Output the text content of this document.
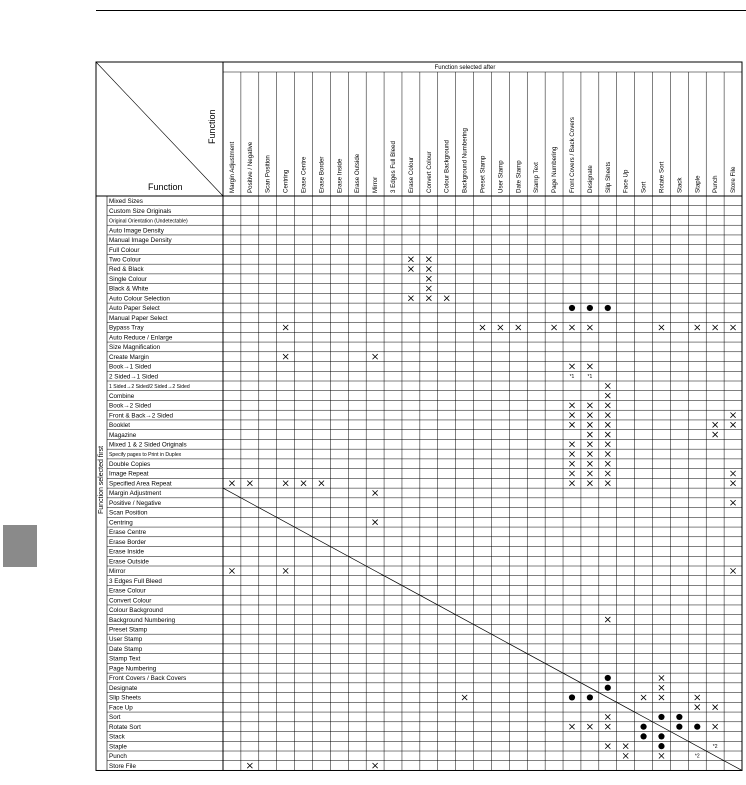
Function selected after
Function
Function
Function selected first
Margin Adjustment Positive / Negative Scan Position Centring Erase Centre Erase Border Erase Inside Erase Outside Mirror 3 Edges Full Bleed Erase Colour Convert Colour Colour Background Background Numbering Preset Stamp User Stamp Date Stamp Stamp Text Page Numbering Front Covers / Back Covers Designate Slip Sheets Face Up Sort Rotate Sort Stack Staple Punch Store File
Mixed Sizes
Custom Size Originals
Original Orientation (Undetectable)
Auto Image Density
Manual Image Density
Full Colour
Two Colour
Red & Black
Single Colour
Black & White
Auto Colour Selection
Auto Paper Select
Manual Paper Select
Bypass Tray
Auto Reduce / Enlarge
Size Magnification
Create Margin
Book→1 Sided
2 Sided→1 Sided
1 Sided→2 Sided/2 Sided→2 Sided
Combine
Book→2 Sided
Front & Back→2 Sided
Booklet
Magazine
Mixed 1 & 2 Sided Originals
Specify pages to Print in Duplex
Double Copies
Image Repeat
Specified Area Repeat
Margin Adjustment
Positive / Negative
Scan Position
Centring
Erase Centre
Erase Border
Erase Inside
Erase Outside
Mirror
3 Edges Full Bleed
Erase Colour
Convert Colour
Colour Background
Background Numbering
Preset Stamp
User Stamp
Date Stamp
Stamp Text
Page Numbering
Front Covers / Back Covers
Designate
Slip Sheets
Face Up
Sort
Rotate Sort
Stack
Staple
Punch
Store File
*1	*1
*2
*2
